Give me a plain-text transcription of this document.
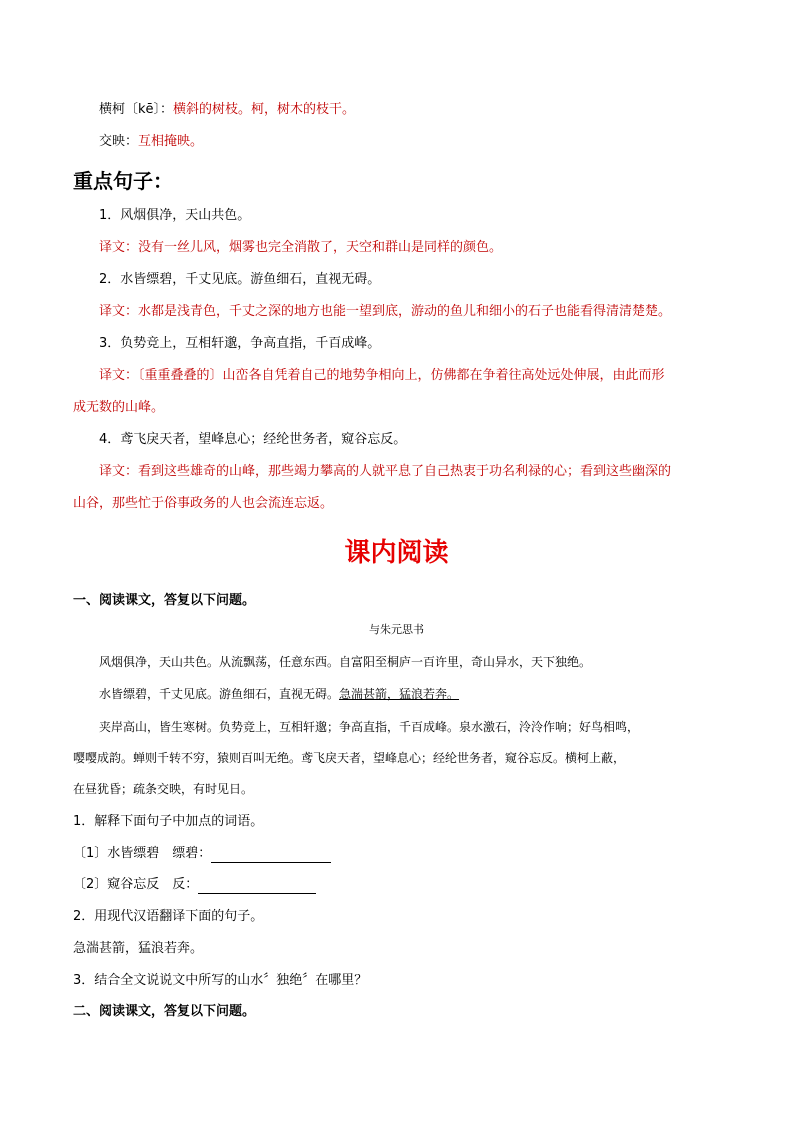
横柯〔kē〕：横斜的树枝。柯，树木的枝干。
交映：互相掩映。
重点句子：
1．风烟俱净，天山共色。
译文：没有一丝儿风，烟雾也完全消散了，天空和群山是同样的颜色。
2．水皆缥碧，千丈见底。游鱼细石，直视无碍。
译文：水都是浅青色，千丈之深的地方也能一望到底，游动的鱼儿和细小的石子也能看得清清楚楚。
3．负势竞上，互相轩邈，争高直指，千百成峰。
译文：〔重重叠叠的〕山峦各自凭着自己的地势争相向上，仿佛都在争着往高处远处伸展，由此而形
成无数的山峰。
4．鸢飞戾天者，望峰息心；经纶世务者，窥谷忘反。
译文：看到这些雄奇的山峰，那些竭力攀高的人就平息了自己热衷于功名利禄的心；看到这些幽深的
山谷，那些忙于俗事政务的人也会流连忘返。
课内阅读
一、阅读课文，答复以下问题。
与朱元思书
风烟俱净，天山共色。从流飘荡，任意东西。自富阳至桐庐一百许里，奇山异水，天下独绝。
水皆缥碧，千丈见底。游鱼细石，直视无碍。急湍甚箭，猛浪若奔。
夹岸高山，皆生寒树。负势竞上，互相轩邈；争高直指，千百成峰。泉水激石，泠泠作响；好鸟相鸣，
嘤嘤成韵。蝉则千转不穷，猿则百叫无绝。鸢飞戾天者，望峰息心；经纶世务者，窥谷忘反。横柯上蔽，
在昼犹昏；疏条交映，有时见日。
1．解释下面句子中加点的词语。
〔1〕水皆缥碧　缥碧：
〔2〕窥谷忘反　反：
2．用现代汉语翻译下面的句子。
急湍甚箭，猛浪若奔。
3．结合全文说说文中所写的山水〞独绝〞在哪里？
二、阅读课文，答复以下问题。
